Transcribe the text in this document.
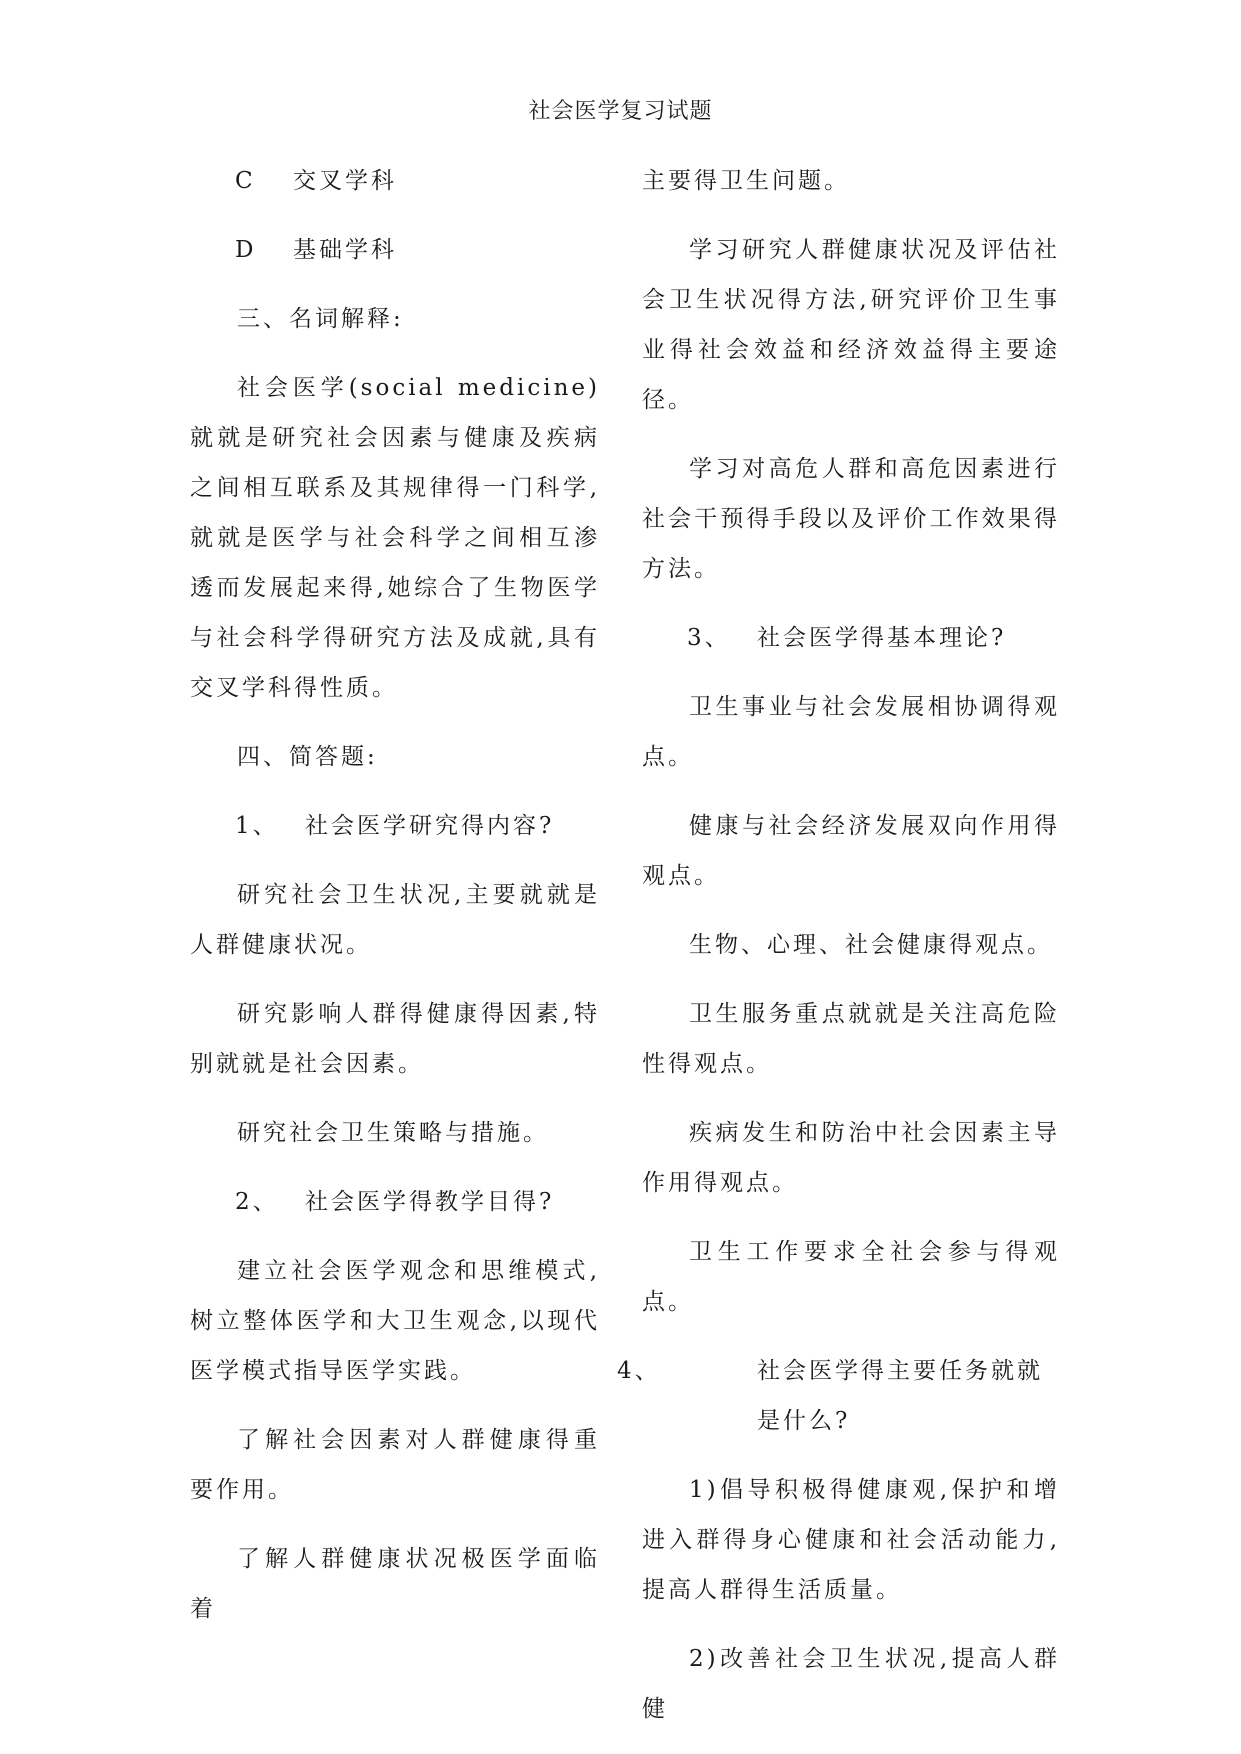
社会医学复习试题
C 交叉学科
D 基础学科

三、名词解释:

社会医学(social medicine)就就是研究社会因素与健康及疾病之间相互联系及其规律得一门科学,就就是医学与社会科学之间相互渗透而发展起来得,她综合了生物医学与社会科学得研究方法及成就,具有交叉学科得性质。

四、简答题:

1、 社会医学研究得内容?

研究社会卫生状况,主要就就是人群健康状况。

研究影响人群得健康得因素,特别就就是社会因素。

研究社会卫生策略与措施。

2、 社会医学得教学目得?

建立社会医学观念和思维模式,树立整体医学和大卫生观念,以现代医学模式指导医学实践。

了解社会因素对人群健康得重要作用。

了解人群健康状况极医学面临着

主要得卫生问题。

学习研究人群健康状况及评估社会卫生状况得方法,研究评价卫生事业得社会效益和经济效益得主要途径。

学习对高危人群和高危因素进行社会干预得手段以及评价工作效果得方法。

3、 社会医学得基本理论?

卫生事业与社会发展相协调得观点。

健康与社会经济发展双向作用得观点。

生物、心理、社会健康得观点。

卫生服务重点就就是关注高危险性得观点。

疾病发生和防治中社会因素主导作用得观点。

卫生工作要求全社会参与得观点。

4、	社会医学得主要任务就就是什么?

1)倡导积极得健康观,保护和增进入群得身心健康和社会活动能力,提高人群得生活质量。

2)改善社会卫生状况,提高人群健
